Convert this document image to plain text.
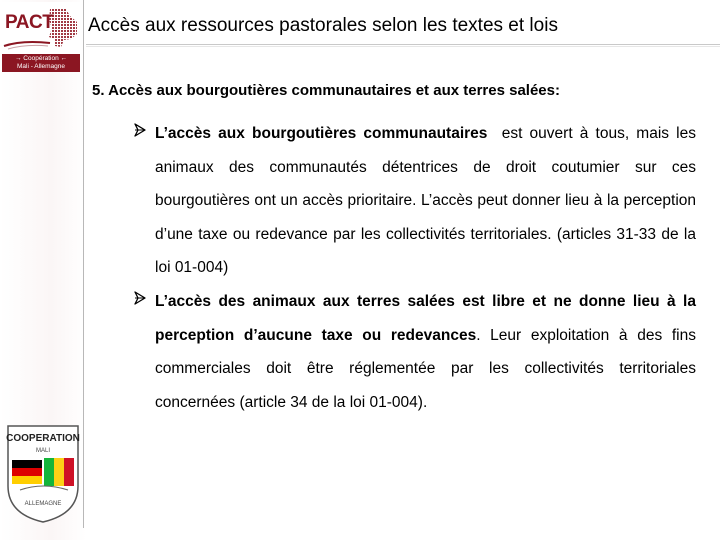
PACT
→ Coopération ←
Mali - Allemagne
Accès aux ressources pastorales selon les textes et lois
5. Accès aux bourgoutières communautaires et aux terres salées:
L’accès aux bourgoutières communautaires est ouvert à tous, mais les animaux des communautés détentrices de droit coutumier sur ces bourgoutières ont un accès prioritaire. L’accès peut donner lieu à la perception d’une taxe ou redevance par les collectivités territoriales. (articles 31-33 de la loi 01-004)
L’accès des animaux aux terres salées est libre et ne donne lieu à la perception d’aucune taxe ou redevances. Leur exploitation à des fins commerciales doit être réglementée par les collectivités territoriales concernées (article 34 de la loi 01-004).
COOPERATION
MALI
ALLEMAGNE
